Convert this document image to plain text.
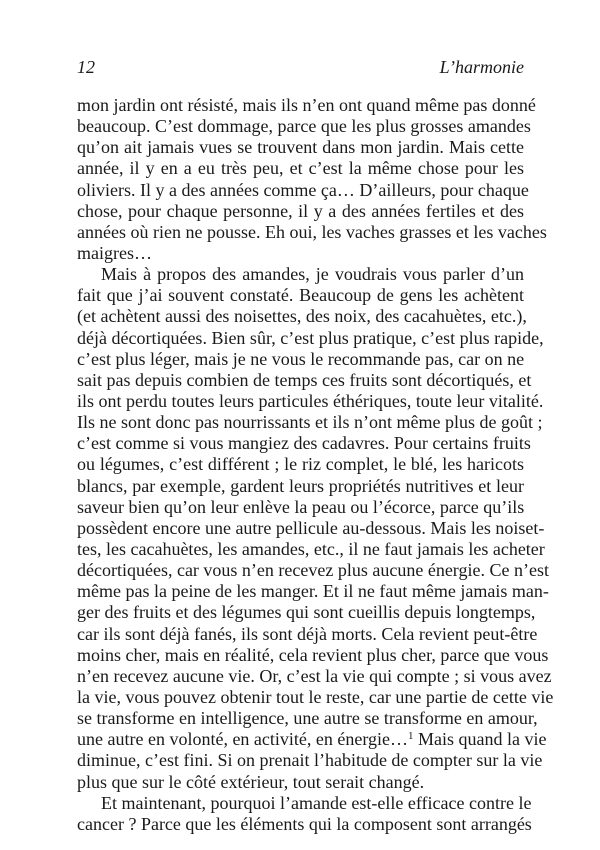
12	L’harmonie
mon jardin ont résisté, mais ils n’en ont quand même pas donné
beaucoup. C’est dommage, parce que les plus grosses amandes
qu’on ait jamais vues se trouvent dans mon jardin. Mais cette
année, il y en a eu très peu, et c’est la même chose pour les
oliviers. Il y a des années comme ça… D’ailleurs, pour chaque
chose, pour chaque personne, il y a des années fertiles et des
années où rien ne pousse. Eh oui, les vaches grasses et les vaches
maigres…
Mais à propos des amandes, je voudrais vous parler d’un
fait que j’ai souvent constaté. Beaucoup de gens les achètent
(et achètent aussi des noisettes, des noix, des cacahuètes, etc.),
déjà décortiquées. Bien sûr, c’est plus pratique, c’est plus rapide,
c’est plus léger, mais je ne vous le recommande pas, car on ne
sait pas depuis combien de temps ces fruits sont décortiqués, et
ils ont perdu toutes leurs particules éthériques, toute leur vitalité.
Ils ne sont donc pas nourrissants et ils n’ont même plus de goût ;
c’est comme si vous mangiez des cadavres. Pour certains fruits
ou légumes, c’est différent ; le riz complet, le blé, les haricots
blancs, par exemple, gardent leurs propriétés nutritives et leur
saveur bien qu’on leur enlève la peau ou l’écorce, parce qu’ils
possèdent encore une autre pellicule au-dessous. Mais les noiset-
tes, les cacahuètes, les amandes, etc., il ne faut jamais les acheter
décortiquées, car vous n’en recevez plus aucune énergie. Ce n’est
même pas la peine de les manger. Et il ne faut même jamais man-
ger des fruits et des légumes qui sont cueillis depuis longtemps,
car ils sont déjà fanés, ils sont déjà morts. Cela revient peut-être
moins cher, mais en réalité, cela revient plus cher, parce que vous
n’en recevez aucune vie. Or, c’est la vie qui compte ; si vous avez
la vie, vous pouvez obtenir tout le reste, car une partie de cette vie
se transforme en intelligence, une autre se transforme en amour,
une autre en volonté, en activité, en énergie…$^1$ Mais quand la vie
diminue, c’est fini. Si on prenait l’habitude de compter sur la vie
plus que sur le côté extérieur, tout serait changé.
Et maintenant, pourquoi l’amande est-elle efficace contre le
cancer ? Parce que les éléments qui la composent sont arrangés
